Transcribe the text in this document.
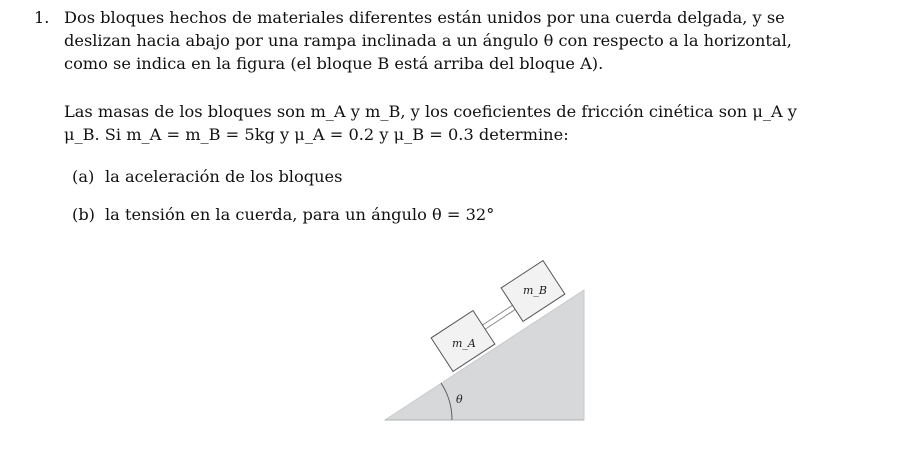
1. Dos bloques hechos de materiales diferentes están unidos por una cuerda delgada, y se
deslizan hacia abajo por una rampa inclinada a un ángulo θ con respecto a la horizontal,
como se indica en la figura (el bloque B está arriba del bloque A).
Las masas de los bloques son m_A y m_B, y los coeficientes de fricción cinética son μ_A y
μ_B. Si m_A = m_B = 5kg y μ_A = 0.2 y μ_B = 0.3 determine:
(a) la aceleración de los bloques
(b) la tensión en la cuerda, para un ángulo θ = 32°
θ
m_A
m_B
